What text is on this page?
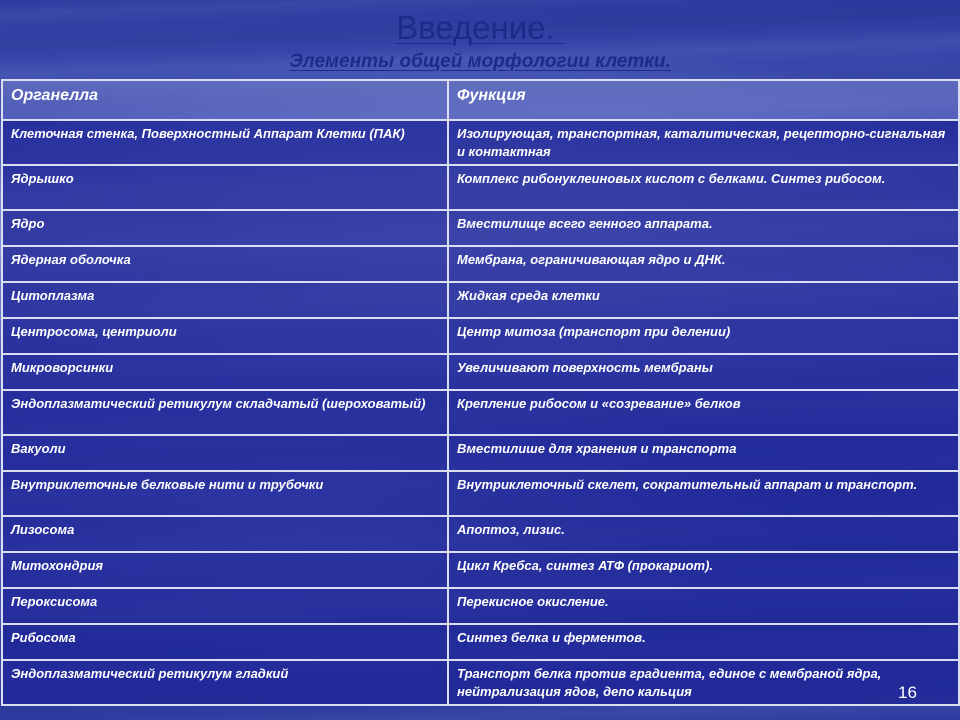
Введение.
Элементы общей морфологии клетки.
Органелла	Функция
Клеточная стенка, Поверхностный Аппарат Клетки (ПАК)	Изолирующая, транспортная, каталитическая, рецепторно-сигнальная и контактная
Ядрышко	Комплекс рибонуклеиновых кислот с белками. Синтез рибосом.
Ядро	Вместилище всего генного аппарата.
Ядерная оболочка	Мембрана, ограничивающая ядро и ДНК.
Цитоплазма	Жидкая среда клетки
Центросома, центриоли	Центр митоза (транспорт при делении)
Микроворсинки	Увеличивают поверхность мембраны
Эндоплазматический ретикулум складчатый (шероховатый)	Крепление рибосом и «созревание» белков
Вакуоли	Вместилише для хранения и транспорта
Внутриклеточные белковые нити и трубочки	Внутриклеточный скелет, сократительный аппарат и транспорт.
Лизосома	Апоптоз, лизис.
Митохондрия	Цикл Кребса, синтез АТФ (прокариот).
Пероксисома	Перекисное окисление.
Рибосома	Синтез белка и ферментов.
Эндоплазматический ретикулум гладкий	Транспорт белка против градиента, единое с мембраной ядра, нейтрализация ядов, депо кальция	16
